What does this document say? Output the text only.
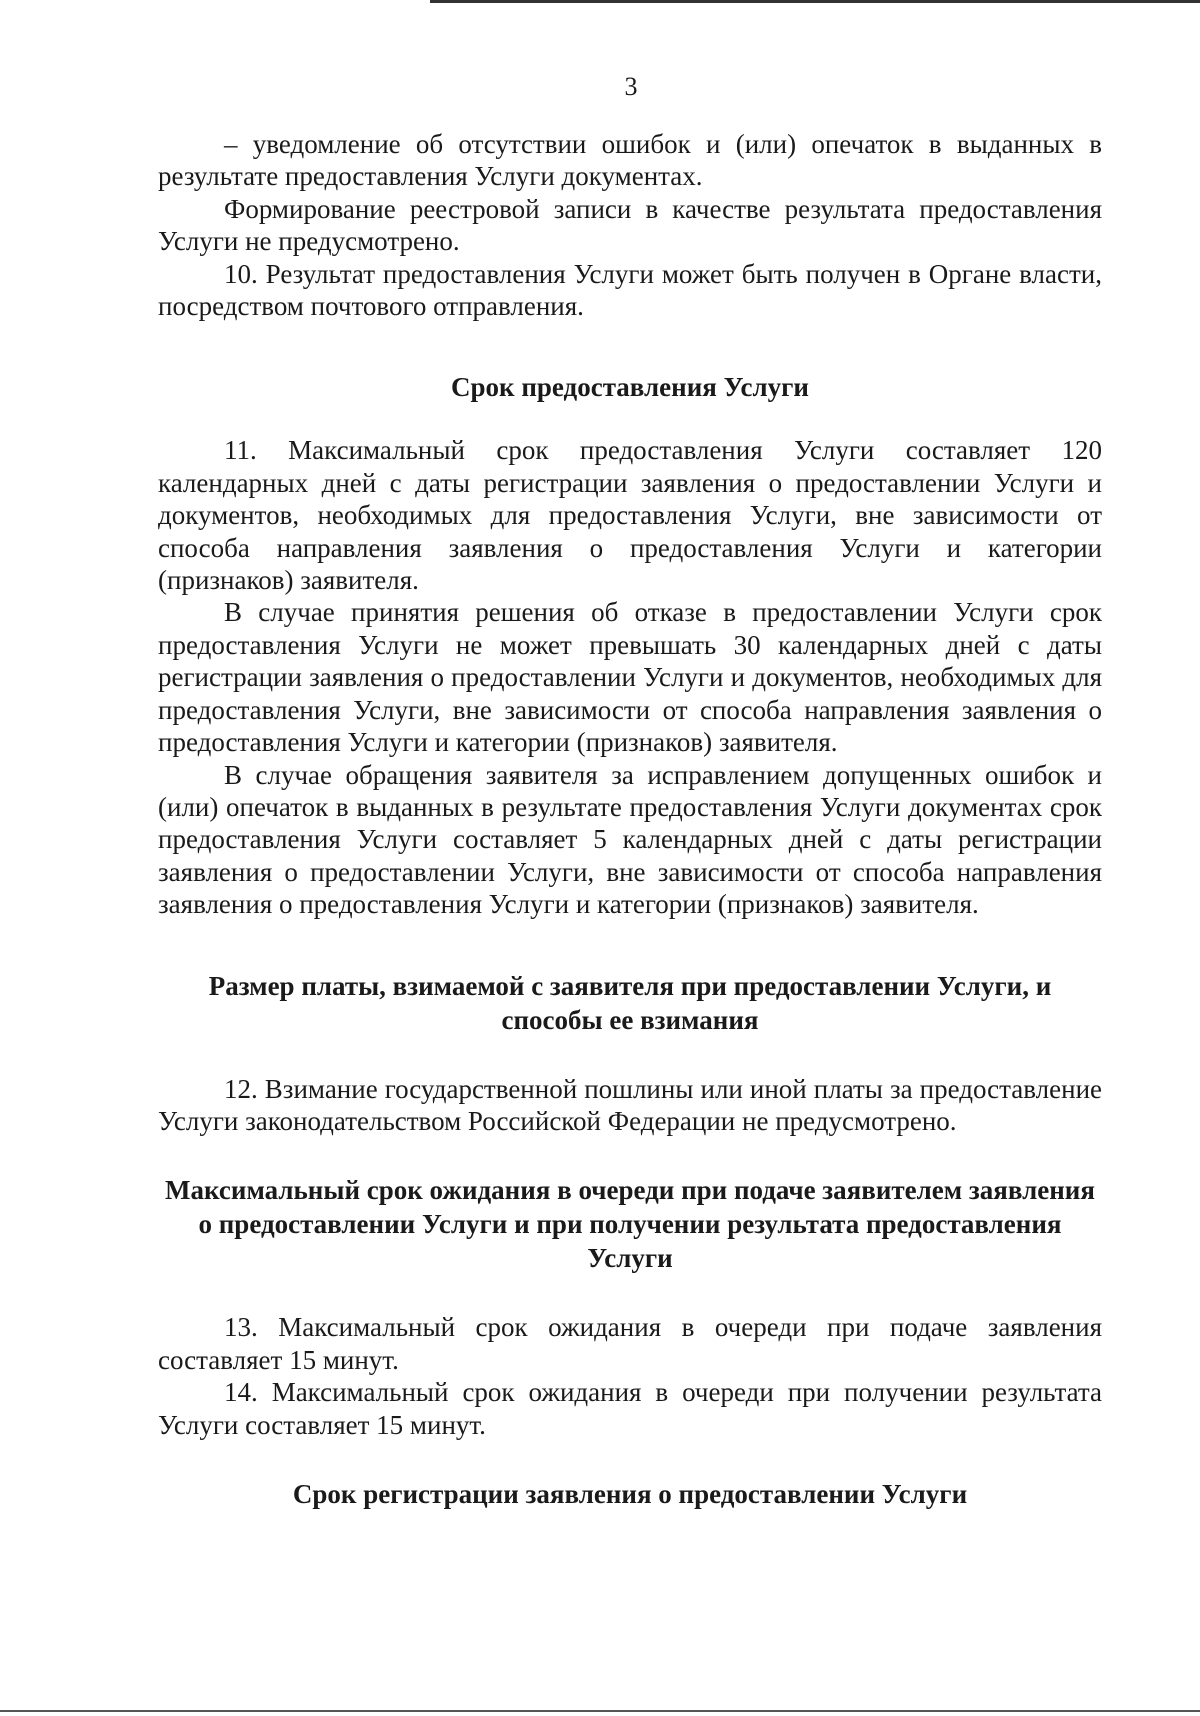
3

– уведомление об отсутствии ошибок и (или) опечаток в выданных в результате предоставления Услуги документах.

Формирование реестровой записи в качестве результата предоставления Услуги не предусмотрено.

10. Результат предоставления Услуги может быть получен в Органе власти, посредством почтового отправления.

Срок предоставления Услуги

11. Максимальный срок предоставления Услуги составляет 120 календарных дней с даты регистрации заявления о предоставлении Услуги и документов, необходимых для предоставления Услуги, вне зависимости от способа направления заявления о предоставления Услуги и категории (признаков) заявителя.

В случае принятия решения об отказе в предоставлении Услуги срок предоставления Услуги не может превышать 30 календарных дней с даты регистрации заявления о предоставлении Услуги и документов, необходимых для предоставления Услуги, вне зависимости от способа направления заявления о предоставления Услуги и категории (признаков) заявителя.

В случае обращения заявителя за исправлением допущенных ошибок и (или) опечаток в выданных в результате предоставления Услуги документах срок предоставления Услуги составляет 5 календарных дней с даты регистрации заявления о предоставлении Услуги, вне зависимости от способа направления заявления о предоставления Услуги и категории (признаков) заявителя.

Размер платы, взимаемой с заявителя при предоставлении Услуги, и способы ее взимания

12. Взимание государственной пошлины или иной платы за предоставление Услуги законодательством Российской Федерации не предусмотрено.

Максимальный срок ожидания в очереди при подаче заявителем заявления о предоставлении Услуги и при получении результата предоставления Услуги

13. Максимальный срок ожидания в очереди при подаче заявления составляет 15 минут.

14. Максимальный срок ожидания в очереди при получении результата Услуги составляет 15 минут.

Срок регистрации заявления о предоставлении Услуги
